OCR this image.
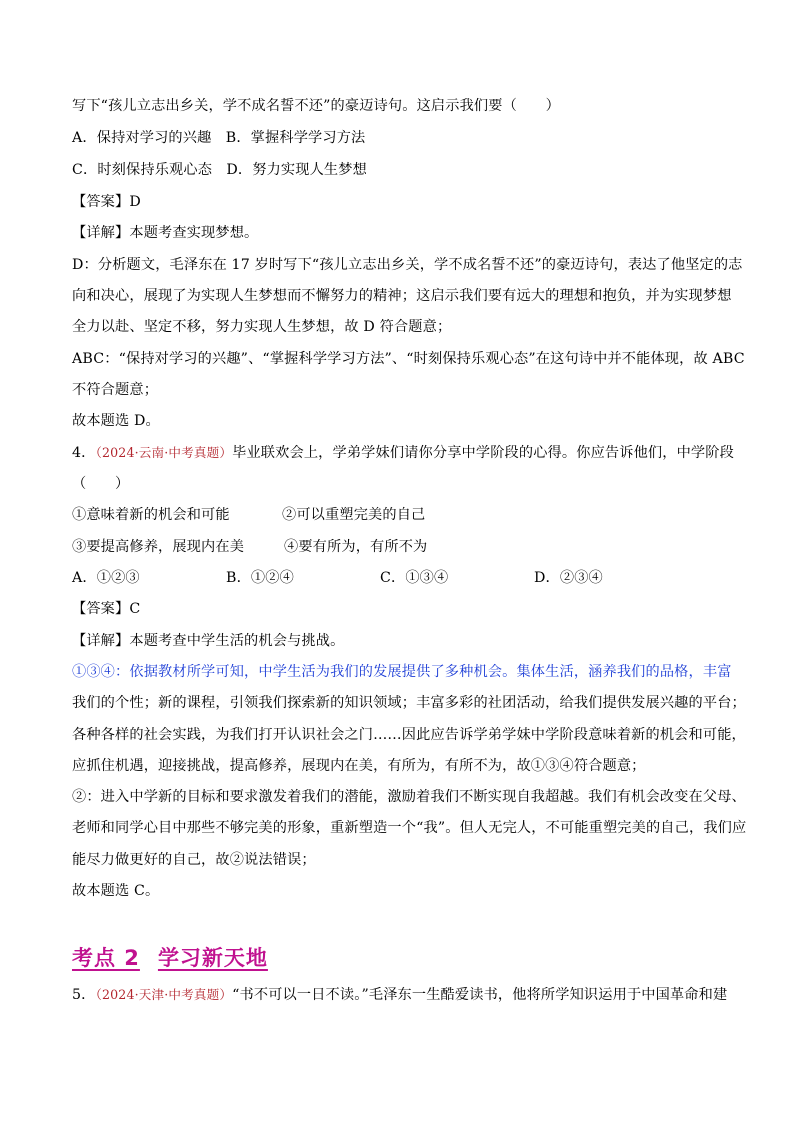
写下“孩儿立志出乡关，学不成名誓不还”的豪迈诗句。这启示我们要（　　）
A．保持对学习的兴趣　B．掌握科学学习方法
C．时刻保持乐观心态　D．努力实现人生梦想
【答案】D
【详解】本题考查实现梦想。
D：分析题文，毛泽东在 17 岁时写下“孩儿立志出乡关，学不成名誓不还”的豪迈诗句，表达了他坚定的志
向和决心，展现了为实现人生梦想而不懈努力的精神；这启示我们要有远大的理想和抱负，并为实现梦想
全力以赴、坚定不移，努力实现人生梦想，故 D 符合题意；
ABC：“保持对学习的兴趣”、“掌握科学学习方法”、“时刻保持乐观心态”在这句诗中并不能体现，故 ABC
不符合题意；
故本题选 D。
4．（2024·云南·中考真题）毕业联欢会上，学弟学妹们请你分享中学阶段的心得。你应告诉他们，中学阶段
（　　）
①意味着新的机会和可能	②可以重塑完美的自己
③要提高修养，展现内在美	④要有所为，有所不为
A．①②③	B．①②④	C．①③④	D．②③④
【答案】C
【详解】本题考查中学生活的机会与挑战。
①③④：依据教材所学可知，中学生活为我们的发展提供了多种机会。集体生活，涵养我们的品格，丰富
我们的个性；新的课程，引领我们探索新的知识领域；丰富多彩的社团活动，给我们提供发展兴趣的平台；
各种各样的社会实践，为我们打开认识社会之门……因此应告诉学弟学妹中学阶段意味着新的机会和可能，
应抓住机遇，迎接挑战，提高修养，展现内在美，有所为，有所不为，故①③④符合题意；
②：进入中学新的目标和要求激发着我们的潜能，激励着我们不断实现自我超越。我们有机会改变在父母、
老师和同学心目中那些不够完美的形象，重新塑造一个“我”。但人无完人，不可能重塑完美的自己，我们应
能尽力做更好的自己，故②说法错误；
故本题选 C。
考点 2 学习新天地
5．（2024·天津·中考真题）“书不可以一日不读。”毛泽东一生酷爱读书，他将所学知识运用于中国革命和建
